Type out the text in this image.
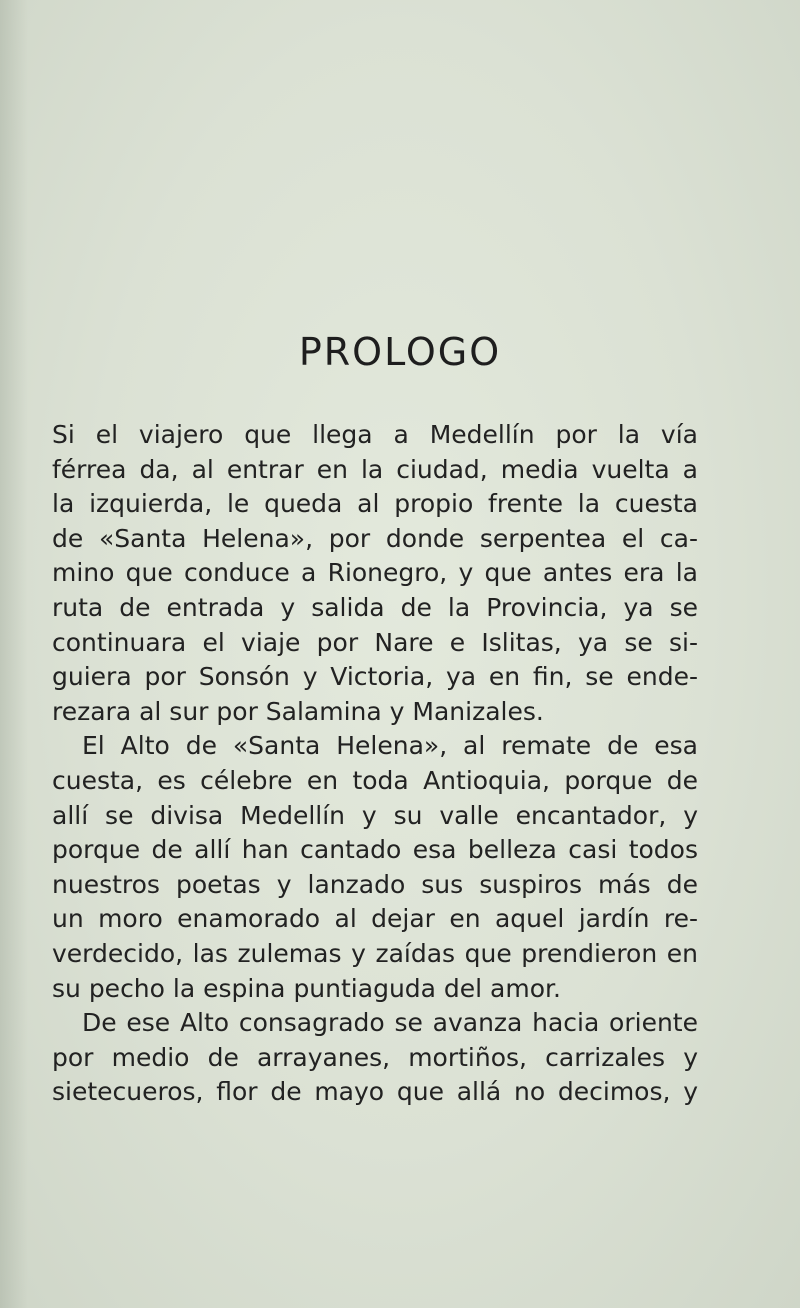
PROLOGO
Si el viajero que llega a Medellín por la vía
férrea da, al entrar en la ciudad, media vuelta a
la izquierda, le queda al propio frente la cuesta
de «Santa Helena», por donde serpentea el ca-
mino que conduce a Rionegro, y que antes era la
ruta de entrada y salida de la Provincia, ya se
continuara el viaje por Nare e Islitas, ya se si-
guiera por Sonsón y Victoria, ya en fin, se ende-
rezara al sur por Salamina y Manizales.
El Alto de «Santa Helena», al remate de esa
cuesta, es célebre en toda Antioquia, porque de
allí se divisa Medellín y su valle encantador, y
porque de allí han cantado esa belleza casi todos
nuestros poetas y lanzado sus suspiros más de
un moro enamorado al dejar en aquel jardín re-
verdecido, las zulemas y zaídas que prendieron en
su pecho la espina puntiaguda del amor.
De ese Alto consagrado se avanza hacia oriente
por medio de arrayanes, mortiños, carrizales y
sietecueros, flor de mayo que allá no decimos, y
